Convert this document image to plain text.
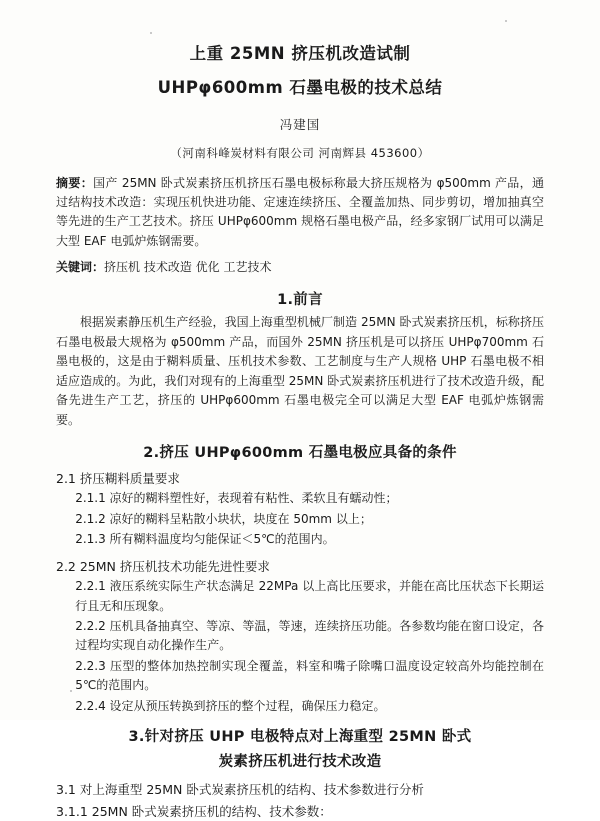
上重 25MN 挤压机改造试制
UHPφ600mm 石墨电极的技术总结
冯建国
（河南科峰炭材料有限公司 河南辉县 453600）
摘要：国产 25MN 卧式炭素挤压机挤压石墨电极标称最大挤压规格为 φ500mm 产品，通过结构技术改造：实现压机快进功能、定速连续挤压、全覆盖加热、同步剪切，增加抽真空等先进的生产工艺技术。挤压 UHPφ600mm 规格石墨电极产品，经多家钢厂试用可以满足大型 EAF 电弧炉炼钢需要。
关键词：挤压机 技术改造 优化 工艺技术
1.前言
根据炭素静压机生产经验，我国上海重型机械厂制造 25MN 卧式炭素挤压机，标称挤压石墨电极最大规格为 φ500mm 产品，而国外 25MN 挤压机是可以挤压 UHPφ700mm 石墨电极的，这是由于糊料质量、压机技术参数、工艺制度与生产人规格 UHP 石墨电极不相适应造成的。为此，我们对现有的上海重型 25MN 卧式炭素挤压机进行了技术改造升级，配备先进生产工艺，挤压的 UHPφ600mm 石墨电极完全可以满足大型 EAF 电弧炉炼钢需要。
2.挤压 UHPφ600mm 石墨电极应具备的条件
2.1 挤压糊料质量要求
2.1.1 凉好的糊料塑性好，表现着有粘性、柔软且有蠕动性；
2.1.2 凉好的糊料呈粘散小块状，块度在 50mm 以上；
2.1.3 所有糊料温度均匀能保证＜5℃的范围内。
2.2 25MN 挤压机技术功能先进性要求
2.2.1 液压系统实际生产状态满足 22MPa 以上高比压要求，并能在高比压状态下长期运行且无和压现象。
2.2.2 压机具备抽真空、等凉、等温，等速，连续挤压功能。各参数均能在窗口设定，各过程均实现自动化操作生产。
2.2.3 压型的整体加热控制实现全覆盖，料室和嘴子除嘴口温度设定较高外均能控制在 5℃的范围内。
2.2.4 设定从预压转换到挤压的整个过程，确保压力稳定。
3.针对挤压 UHP 电极特点对上海重型 25MN 卧式
炭素挤压机进行技术改造
3.1 对上海重型 25MN 卧式炭素挤压机的结构、技术参数进行分析
3.1.1 25MN 卧式炭素挤压机的结构、技术参数：
